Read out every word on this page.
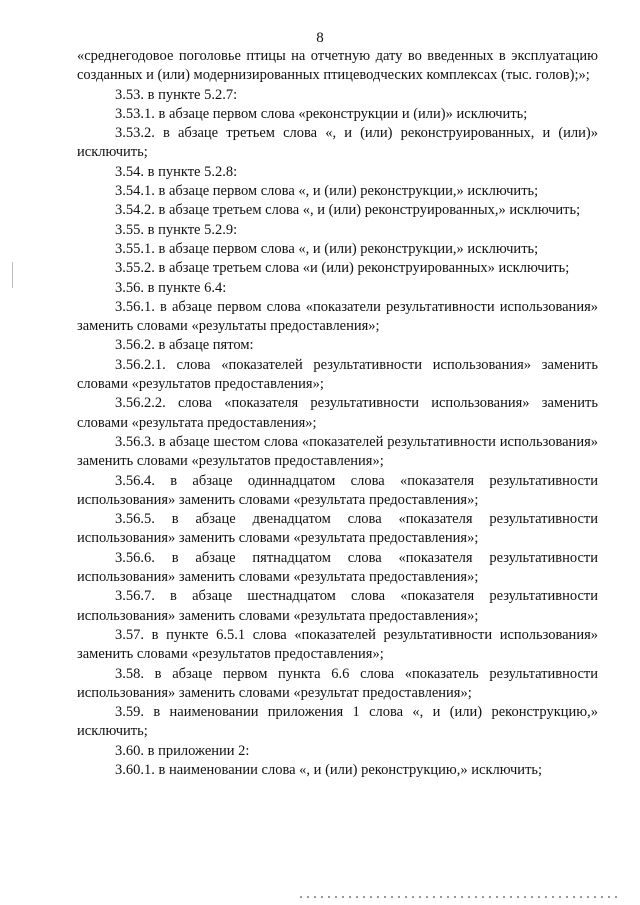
8

«среднегодовое поголовье птицы на отчетную дату во введенных в эксплуатацию созданных и (или) модернизированных птицеводческих комплексах (тыс. голов);»;

3.53. в пункте 5.2.7:

3.53.1. в абзаце первом слова «реконструкции и (или)» исключить;

3.53.2. в абзаце третьем слова «, и (или) реконструированных, и (или)» исключить;

3.54. в пункте 5.2.8:

3.54.1. в абзаце первом слова «, и (или) реконструкции,» исключить;

3.54.2. в абзаце третьем слова «, и (или) реконструированных,» исключить;

3.55. в пункте 5.2.9:

3.55.1. в абзаце первом слова «, и (или) реконструкции,» исключить;

3.55.2. в абзаце третьем слова «и (или) реконструированных» исключить;

3.56. в пункте 6.4:

3.56.1. в абзаце первом слова «показатели результативности использования» заменить словами «результаты предоставления»;

3.56.2. в абзаце пятом:

3.56.2.1. слова «показателей результативности использования» заменить словами «результатов предоставления»;

3.56.2.2. слова «показателя результативности использования» заменить словами «результата предоставления»;

3.56.3. в абзаце шестом слова «показателей результативности использования» заменить словами «результатов предоставления»;

3.56.4. в абзаце одиннадцатом слова «показателя результативности использования» заменить словами «результата предоставления»;

3.56.5. в абзаце двенадцатом слова «показателя результативности использования» заменить словами «результата предоставления»;

3.56.6. в абзаце пятнадцатом слова «показателя результативности использования» заменить словами «результата предоставления»;

3.56.7. в абзаце шестнадцатом слова «показателя результативности использования» заменить словами «результата предоставления»;

3.57. в пункте 6.5.1 слова «показателей результативности использования» заменить словами «результатов предоставления»;

3.58. в абзаце первом пункта 6.6 слова «показатель результативности использования» заменить словами «результат предоставления»;

3.59. в наименовании приложения 1 слова «, и (или) реконструкцию,» исключить;

3.60. в приложении 2:

3.60.1. в наименовании слова «, и (или) реконструкцию,» исключить;
